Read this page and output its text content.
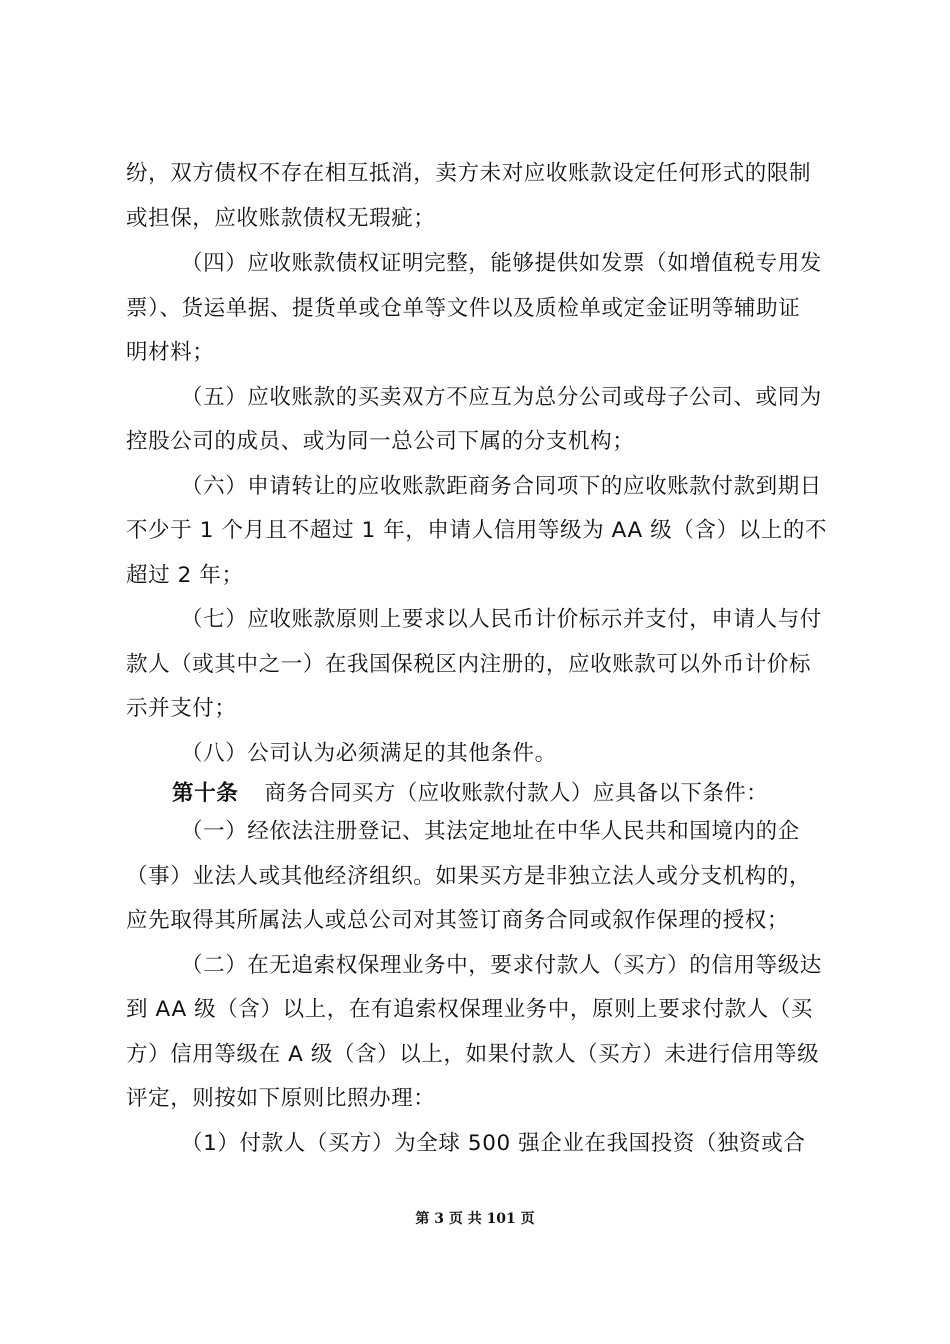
纷，双方债权不存在相互抵消，卖方未对应收账款设定任何形式的限制
或担保，应收账款债权无瑕疵；
（四）应收账款债权证明完整，能够提供如发票（如增值税专用发
票）、货运单据、提货单或仓单等文件以及质检单或定金证明等辅助证
明材料；
（五）应收账款的买卖双方不应互为总分公司或母子公司、或同为
控股公司的成员、或为同一总公司下属的分支机构；
（六）申请转让的应收账款距商务合同项下的应收账款付款到期日
不少于 1 个月且不超过 1 年，申请人信用等级为 AA 级（含）以上的不
超过 2 年；
（七）应收账款原则上要求以人民币计价标示并支付，申请人与付
款人（或其中之一）在我国保税区内注册的，应收账款可以外币计价标
示并支付；
（八）公司认为必须满足的其他条件。
第十条 商务合同买方（应收账款付款人）应具备以下条件：
（一）经依法注册登记、其法定地址在中华人民共和国境内的企
（事）业法人或其他经济组织。如果买方是非独立法人或分支机构的，
应先取得其所属法人或总公司对其签订商务合同或叙作保理的授权；
（二）在无追索权保理业务中，要求付款人（买方）的信用等级达
到 AA 级（含）以上，在有追索权保理业务中，原则上要求付款人（买
方）信用等级在 A 级（含）以上，如果付款人（买方）未进行信用等级
评定，则按如下原则比照办理：
（1）付款人（买方）为全球 500 强企业在我国投资（独资或合
第 3 页 共 101 页
